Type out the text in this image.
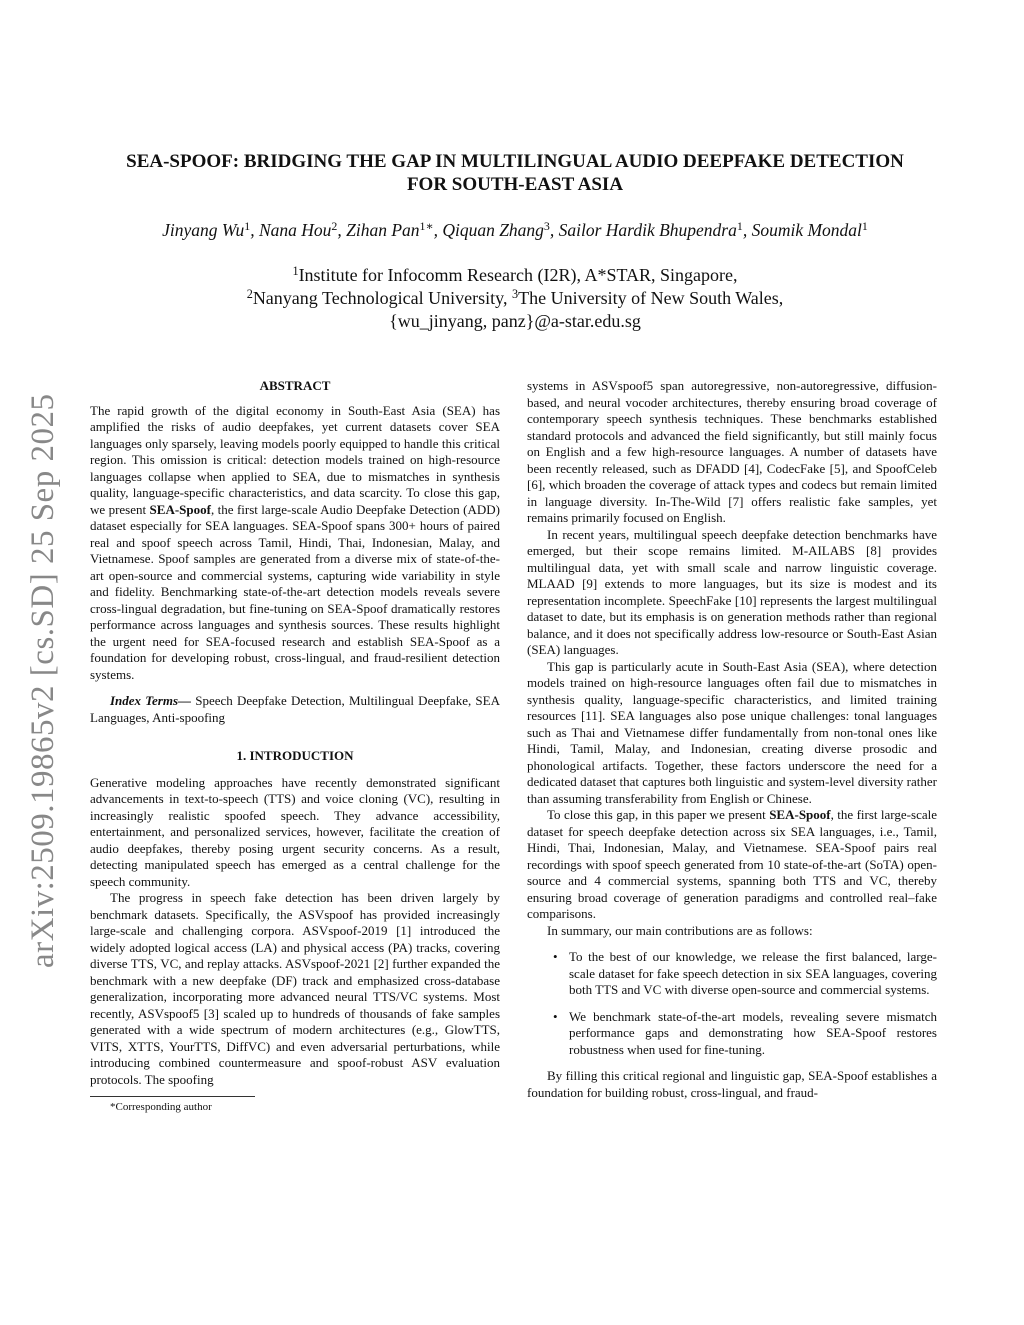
arXiv:2509.19865v2 [cs.SD] 25 Sep 2025
SEA-SPOOF: BRIDGING THE GAP IN MULTILINGUAL AUDIO DEEPFAKE DETECTION
FOR SOUTH-EAST ASIA
Jinyang Wu$^1$, Nana Hou$^2$, Zihan Pan$^{1∗}$, Qiquan Zhang$^3$, Sailor Hardik Bhupendra$^1$, Soumik Mondal$^1$
$^1$Institute for Infocomm Research (I2R), A*STAR, Singapore,
$^2$Nanyang Technological University, $^3$The University of New South Wales,
{wu_jinyang, panz}@a-star.edu.sg
ABSTRACT

The rapid growth of the digital economy in South-East Asia (SEA) has amplified the risks of audio deepfakes, yet current datasets cover SEA languages only sparsely, leaving models poorly equipped to handle this critical region. This omission is critical: detection models trained on high-resource languages collapse when applied to SEA, due to mismatches in synthesis quality, language-specific characteristics, and data scarcity. To close this gap, we present SEA-Spoof, the first large-scale Audio Deepfake Detection (ADD) dataset especially for SEA languages. SEA-Spoof spans 300+ hours of paired real and spoof speech across Tamil, Hindi, Thai, Indonesian, Malay, and Vietnamese. Spoof samples are generated from a diverse mix of state-of-the-art open-source and commercial systems, capturing wide variability in style and fidelity. Benchmarking state-of-the-art detection models reveals severe cross-lingual degradation, but fine-tuning on SEA-Spoof dramatically restores performance across languages and synthesis sources. These results highlight the urgent need for SEA-focused research and establish SEA-Spoof as a foundation for developing robust, cross-lingual, and fraud-resilient detection systems.

Index Terms— Speech Deepfake Detection, Multilingual Deepfake, SEA Languages, Anti-spoofing

1. INTRODUCTION

Generative modeling approaches have recently demonstrated significant advancements in text-to-speech (TTS) and voice cloning (VC), resulting in increasingly realistic spoofed speech. They advance accessibility, entertainment, and personalized services, however, facilitate the creation of audio deepfakes, thereby posing urgent security concerns. As a result, detecting manipulated speech has emerged as a central challenge for the speech community.

The progress in speech fake detection has been driven largely by benchmark datasets. Specifically, the ASVspoof has provided increasingly large-scale and challenging corpora. ASVspoof-2019 [1] introduced the widely adopted logical access (LA) and physical access (PA) tracks, covering diverse TTS, VC, and replay attacks. ASVspoof-2021 [2] further expanded the benchmark with a new deepfake (DF) track and emphasized cross-database generalization, incorporating more advanced neural TTS/VC systems. Most recently, ASVspoof5 [3] scaled up to hundreds of thousands of fake samples generated with a wide spectrum of modern architectures (e.g., GlowTTS, VITS, XTTS, YourTTS, DiffVC) and even adversarial perturbations, while introducing combined countermeasure and spoof-robust ASV evaluation protocols. The spoofing

*Corresponding author

systems in ASVspoof5 span autoregressive, non-autoregressive, diffusion-based, and neural vocoder architectures, thereby ensuring broad coverage of contemporary speech synthesis techniques. These benchmarks established standard protocols and advanced the field significantly, but still mainly focus on English and a few high-resource languages. A number of datasets have been recently released, such as DFADD [4], CodecFake [5], and SpoofCeleb [6], which broaden the coverage of attack types and codecs but remain limited in language diversity. In-The-Wild [7] offers realistic fake samples, yet remains primarily focused on English.

In recent years, multilingual speech deepfake detection benchmarks have emerged, but their scope remains limited. M-AILABS [8] provides multilingual data, yet with small scale and narrow linguistic coverage. MLAAD [9] extends to more languages, but its size is modest and its representation incomplete. SpeechFake [10] represents the largest multilingual dataset to date, but its emphasis is on generation methods rather than regional balance, and it does not specifically address low-resource or South-East Asian (SEA) languages.

This gap is particularly acute in South-East Asia (SEA), where detection models trained on high-resource languages often fail due to mismatches in synthesis quality, language-specific characteristics, and limited training resources [11]. SEA languages also pose unique challenges: tonal languages such as Thai and Vietnamese differ fundamentally from non-tonal ones like Hindi, Tamil, Malay, and Indonesian, creating diverse prosodic and phonological artifacts. Together, these factors underscore the need for a dedicated dataset that captures both linguistic and system-level diversity rather than assuming transferability from English or Chinese.

To close this gap, in this paper we present SEA-Spoof, the first large-scale dataset for speech deepfake detection across six SEA languages, i.e., Tamil, Hindi, Thai, Indonesian, Malay, and Vietnamese. SEA-Spoof pairs real recordings with spoof speech generated from 10 state-of-the-art (SoTA) open-source and 4 commercial systems, spanning both TTS and VC, thereby ensuring broad coverage of generation paradigms and controlled real–fake comparisons.

In summary, our main contributions are as follows:

• To the best of our knowledge, we release the first balanced, large-scale dataset for fake speech detection in six SEA languages, covering both TTS and VC with diverse open-source and commercial systems.
• We benchmark state-of-the-art models, revealing severe mismatch performance gaps and demonstrating how SEA-Spoof restores robustness when used for fine-tuning.

By filling this critical regional and linguistic gap, SEA-Spoof establishes a foundation for building robust, cross-lingual, and fraud-
